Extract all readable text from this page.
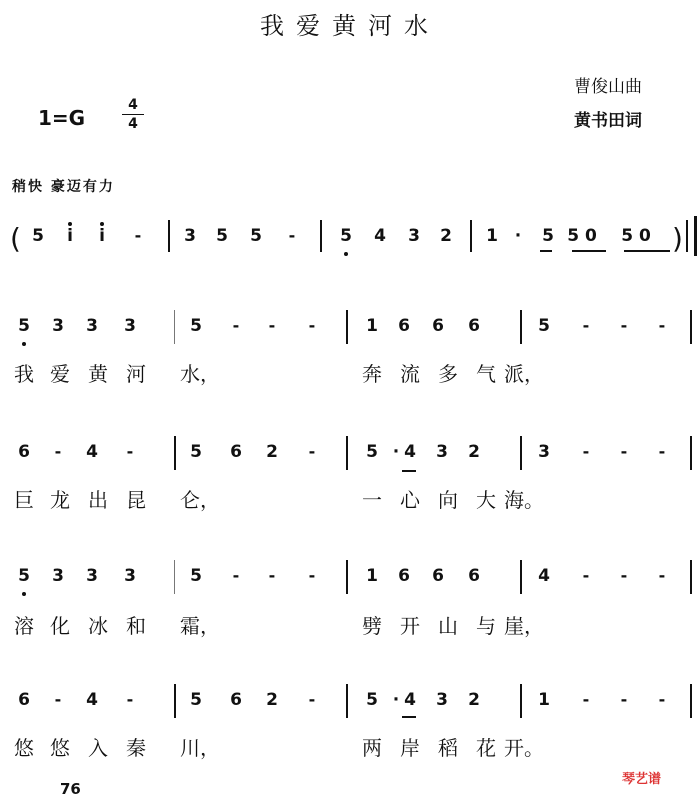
我爱黄河水
1=G
4
4
曹俊山曲
黄书田词
稍快 豪迈有力
( 5 i i -	3 5 5 -	5 4 3 2 1 · 5 5 0 5 0 )
5 3 3 3	5 - - -	1 6 6 6	5 - - -
我 爱 黄 河 水，	奔 流 多 气 派，
6 - 4 -	5 6 2 -	5 · 4 3 2	3 - - -
巨 龙 出 昆 仑，	一 心 向 大 海。
5 3 3 3	5 - - -	1 6 6 6	4 - - -
溶 化 冰 和 霜，	劈 开 山 与 崖，
6 - 4 -	5 6 2 -	5 · 4 3 2	1 - - -
悠 悠 入 秦 川，	两 岸 稻 花 开。
76
琴艺谱
